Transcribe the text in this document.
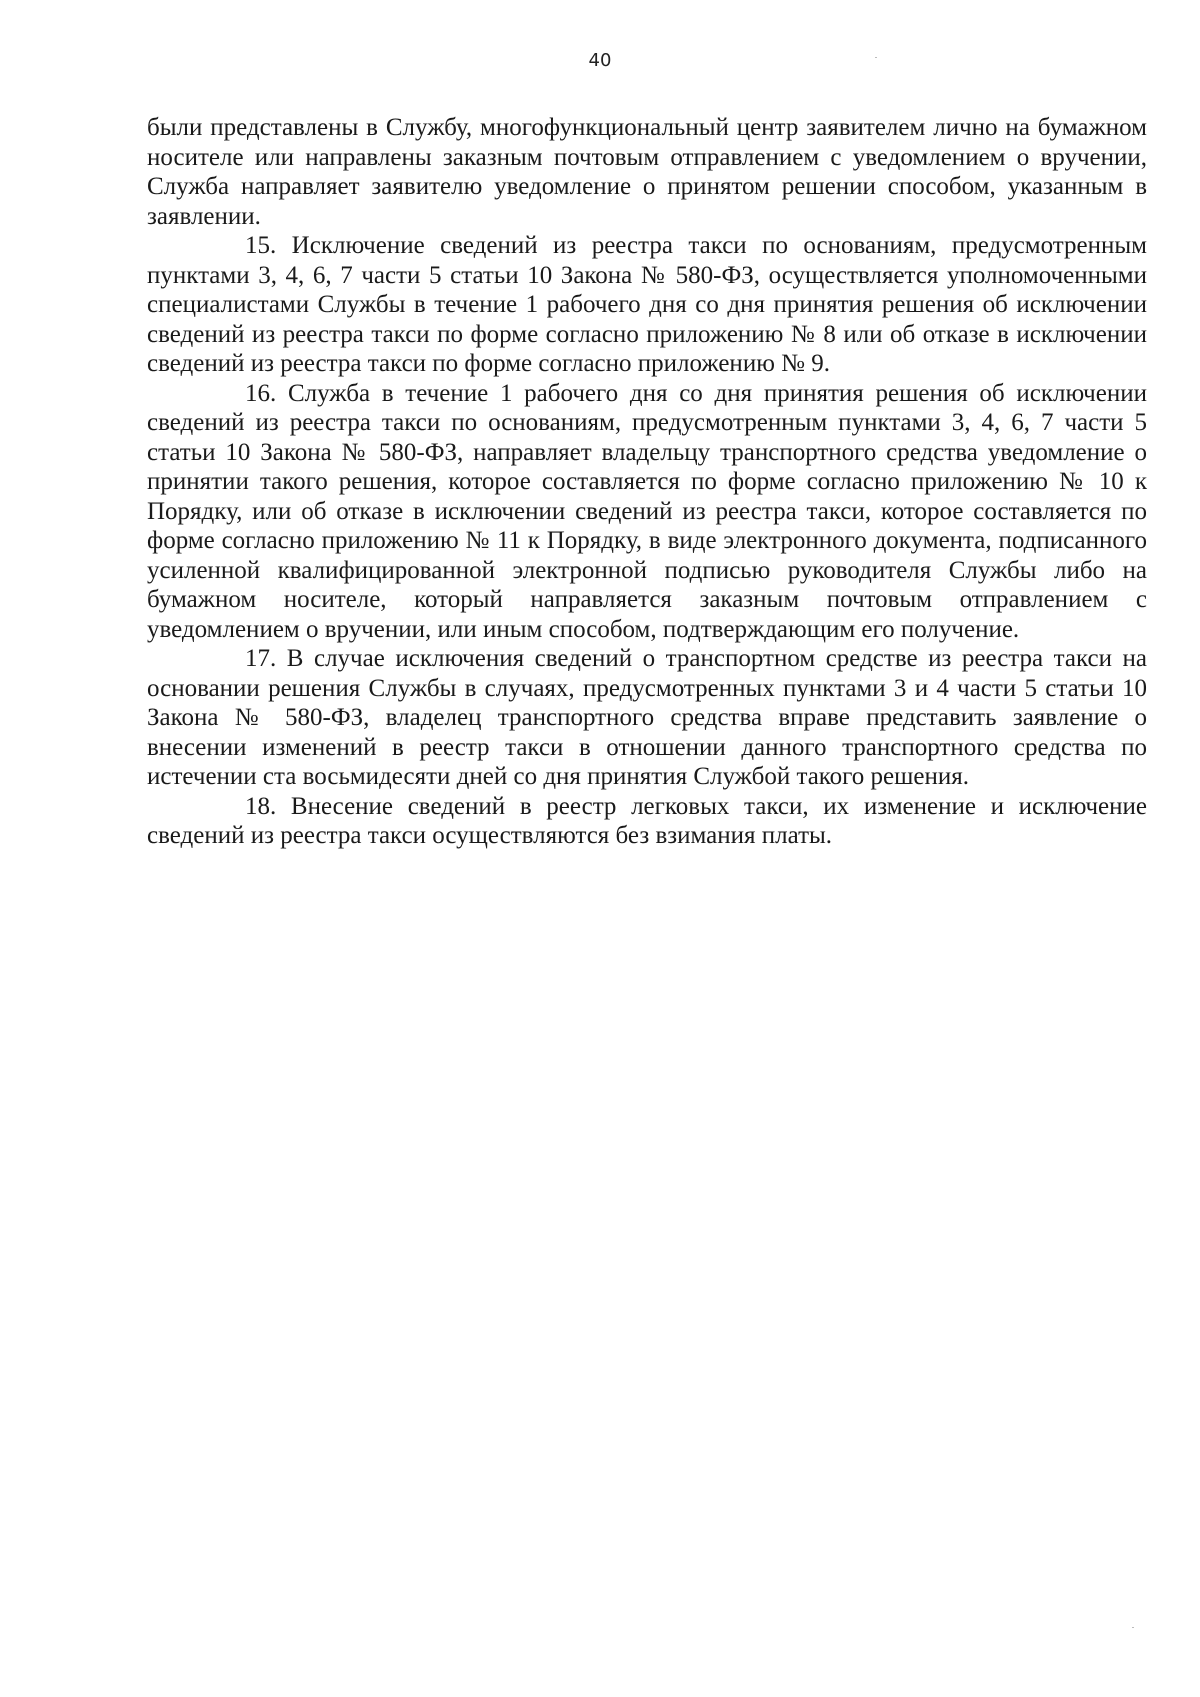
40

были представлены в Службу, многофункциональный центр заявителем лично на бумажном носителе или направлены заказным почтовым отправлением с уведомлением о вручении, Служба направляет заявителю уведомление о принятом решении способом, указанным в заявлении.

15. Исключение сведений из реестра такси по основаниям, предусмотренным пунктами 3, 4, 6, 7 части 5 статьи 10 Закона № 580-ФЗ, осуществляется уполномоченными специалистами Службы в течение 1 рабочего дня со дня принятия решения об исключении сведений из реестра такси по форме согласно приложению № 8 или об отказе в исключении сведений из реестра такси по форме согласно приложению № 9.

16. Служба в течение 1 рабочего дня со дня принятия решения об исключении сведений из реестра такси по основаниям, предусмотренным пунктами 3, 4, 6, 7 части 5 статьи 10 Закона № 580-ФЗ, направляет владельцу транспортного средства уведомление о принятии такого решения, которое составляется по форме согласно приложению № 10 к Порядку, или об отказе в исключении сведений из реестра такси, которое составляется по форме согласно приложению № 11 к Порядку, в виде электронного документа, подписанного усиленной квалифицированной электронной подписью руководителя Службы либо на бумажном носителе, который направляется заказным почтовым отправлением с уведомлением о вручении, или иным способом, подтверждающим его получение.

17. В случае исключения сведений о транспортном средстве из реестра такси на основании решения Службы в случаях, предусмотренных пунктами 3 и 4 части 5 статьи 10 Закона № 580-ФЗ, владелец транспортного средства вправе представить заявление о внесении изменений в реестр такси в отношении данного транспортного средства по истечении ста восьмидесяти дней со дня принятия Службой такого решения.

18. Внесение сведений в реестр легковых такси, их изменение и исключение сведений из реестра такси осуществляются без взимания платы.
